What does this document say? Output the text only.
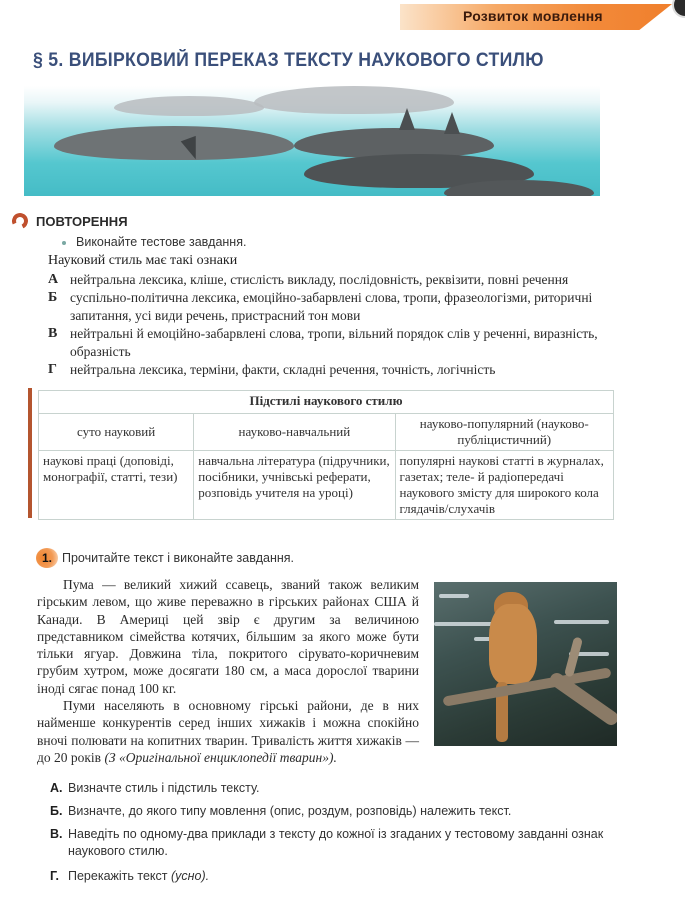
Розвиток мовлення
§ 5. ВИБІРКОВИЙ ПЕРЕКАЗ ТЕКСТУ НАУКОВОГО СТИЛЮ
ПОВТОРЕННЯ
Виконайте тестове завдання.
Науковий стиль має такі ознаки
А нейтральна лексика, кліше, стислість викладу, послідовність, реквізити, повні речення
Б суспільно-політична лексика, емоційно-забарвлені слова, тропи, фразеологізми, риторичні запитання, усі види речень, пристрасний тон мови
В нейтральні й емоційно-забарвлені слова, тропи, вільний порядок слів у реченні, виразність, образність
Г нейтральна лексика, терміни, факти, складні речення, точність, логічність
Підстилі наукового стилю		
суто науковий	науково-навчальний	науково-популярний (науково-публіцистичний)
наукові праці (доповіді, монографії, статті, тези)	навчальна література (підручники, посібники, учнівські реферати, розповідь учителя на уроці)	популярні наукові статті в журналах, газетах; теле- й радіопередачі наукового змісту для широкого кола глядачів/слухачів
1. Прочитайте текст і виконайте завдання.

Пума — великий хижий ссавець, званий також великим гірським левом, що живе переважно в гірських районах США й Канади. В Америці цей звір є другим за величиною представником сімейства котячих, більшим за якого може бути тільки ягуар. Довжина тіла, покритого сірувато-коричневим грубим хутром, може досягати 180 см, а маса дорослої тварини іноді сягає понад 100 кг.

Пуми населяють в основному гірські райони, де в них найменше конкурентів серед інших хижаків і можна спокійно вночі полювати на копитних тварин. Тривалість життя хижаків — до 20 років (З «Оригінальної енциклопедії тварин»).

А. Визначте стиль і підстиль тексту.
Б. Визначте, до якого типу мовлення (опис, роздум, розповідь) належить текст.
В. Наведіть по одному-два приклади з тексту до кожної із згаданих у тестовому завданні ознак наукового стилю.
Г. Перекажіть текст (усно).
